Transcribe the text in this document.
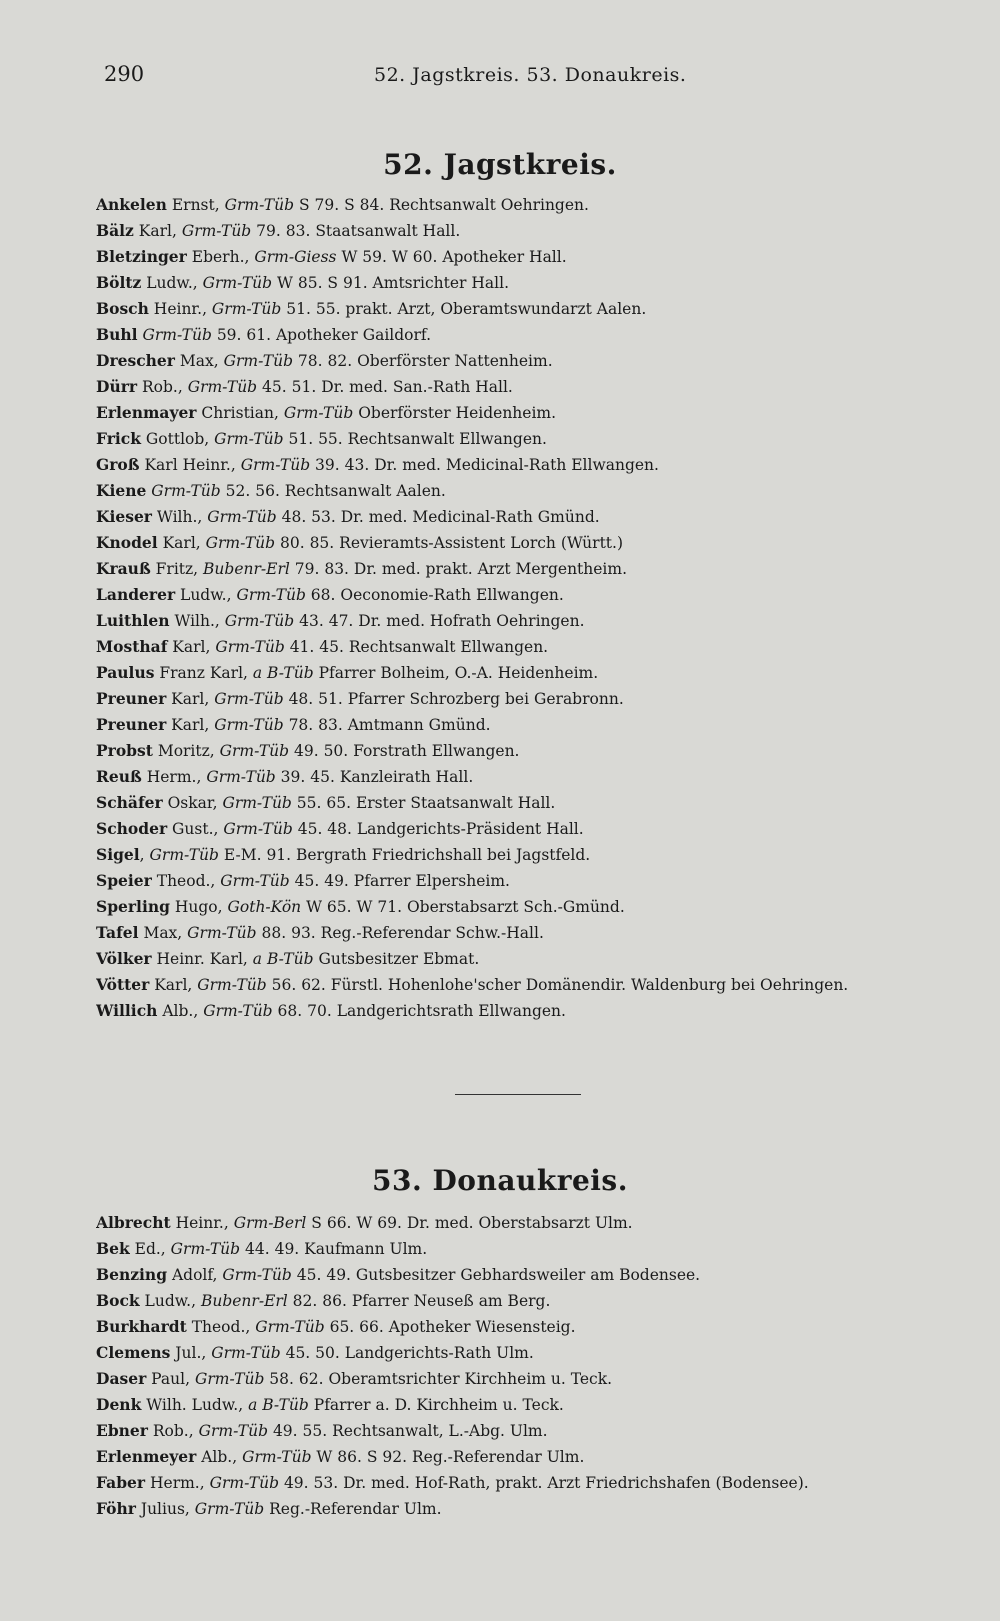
290	52. Jagstkreis. 53. Donaukreis.
52. Jagstkreis.
Ankelen Ernst, Grm-Tüb S 79. S 84. Rechtsanwalt Oehringen.
Bälz Karl, Grm-Tüb 79. 83. Staatsanwalt Hall.
Bletzinger Eberh., Grm-Giess W 59. W 60. Apotheker Hall.
Böltz Ludw., Grm-Tüb W 85. S 91. Amtsrichter Hall.
Bosch Heinr., Grm-Tüb 51. 55. prakt. Arzt, Oberamtswundarzt Aalen.
Buhl Grm-Tüb 59. 61. Apotheker Gaildorf.
Drescher Max, Grm-Tüb 78. 82. Oberförster Nattenheim.
Dürr Rob., Grm-Tüb 45. 51. Dr. med. San.-Rath Hall.
Erlenmayer Christian, Grm-Tüb Oberförster Heidenheim.
Frick Gottlob, Grm-Tüb 51. 55. Rechtsanwalt Ellwangen.
Groß Karl Heinr., Grm-Tüb 39. 43. Dr. med. Medicinal-Rath Ellwangen.
Kiene Grm-Tüb 52. 56. Rechtsanwalt Aalen.
Kieser Wilh., Grm-Tüb 48. 53. Dr. med. Medicinal-Rath Gmünd.
Knodel Karl, Grm-Tüb 80. 85. Revieramts-Assistent Lorch (Württ.)
Krauß Fritz, Bubenr-Erl 79. 83. Dr. med. prakt. Arzt Mergentheim.
Landerer Ludw., Grm-Tüb 68. Oeconomie-Rath Ellwangen.
Luithlen Wilh., Grm-Tüb 43. 47. Dr. med. Hofrath Oehringen.
Mosthaf Karl, Grm-Tüb 41. 45. Rechtsanwalt Ellwangen.
Paulus Franz Karl, a B-Tüb Pfarrer Bolheim, O.-A. Heidenheim.
Preuner Karl, Grm-Tüb 48. 51. Pfarrer Schrozberg bei Gerabronn.
Preuner Karl, Grm-Tüb 78. 83. Amtmann Gmünd.
Probst Moritz, Grm-Tüb 49. 50. Forstrath Ellwangen.
Reuß Herm., Grm-Tüb 39. 45. Kanzleirath Hall.
Schäfer Oskar, Grm-Tüb 55. 65. Erster Staatsanwalt Hall.
Schoder Gust., Grm-Tüb 45. 48. Landgerichts-Präsident Hall.
Sigel, Grm-Tüb E-M. 91. Bergrath Friedrichshall bei Jagstfeld.
Speier Theod., Grm-Tüb 45. 49. Pfarrer Elpersheim.
Sperling Hugo, Goth-Kön W 65. W 71. Oberstabsarzt Sch.-Gmünd.
Tafel Max, Grm-Tüb 88. 93. Reg.-Referendar Schw.-Hall.
Völker Heinr. Karl, a B-Tüb Gutsbesitzer Ebmat.
Vötter Karl, Grm-Tüb 56. 62. Fürstl. Hohenlohe'scher Domänendir. Waldenburg bei Oehringen.
Willich Alb., Grm-Tüb 68. 70. Landgerichtsrath Ellwangen.
53. Donaukreis.
Albrecht Heinr., Grm-Berl S 66. W 69. Dr. med. Oberstabsarzt Ulm.
Bek Ed., Grm-Tüb 44. 49. Kaufmann Ulm.
Benzing Adolf, Grm-Tüb 45. 49. Gutsbesitzer Gebhardsweiler am Bodensee.
Bock Ludw., Bubenr-Erl 82. 86. Pfarrer Neuseß am Berg.
Burkhardt Theod., Grm-Tüb 65. 66. Apotheker Wiesensteig.
Clemens Jul., Grm-Tüb 45. 50. Landgerichts-Rath Ulm.
Daser Paul, Grm-Tüb 58. 62. Oberamtsrichter Kirchheim u. Teck.
Denk Wilh. Ludw., a B-Tüb Pfarrer a. D. Kirchheim u. Teck.
Ebner Rob., Grm-Tüb 49. 55. Rechtsanwalt, L.-Abg. Ulm.
Erlenmeyer Alb., Grm-Tüb W 86. S 92. Reg.-Referendar Ulm.
Faber Herm., Grm-Tüb 49. 53. Dr. med. Hof-Rath, prakt. Arzt Friedrichshafen (Bodensee).
Föhr Julius, Grm-Tüb Reg.-Referendar Ulm.
